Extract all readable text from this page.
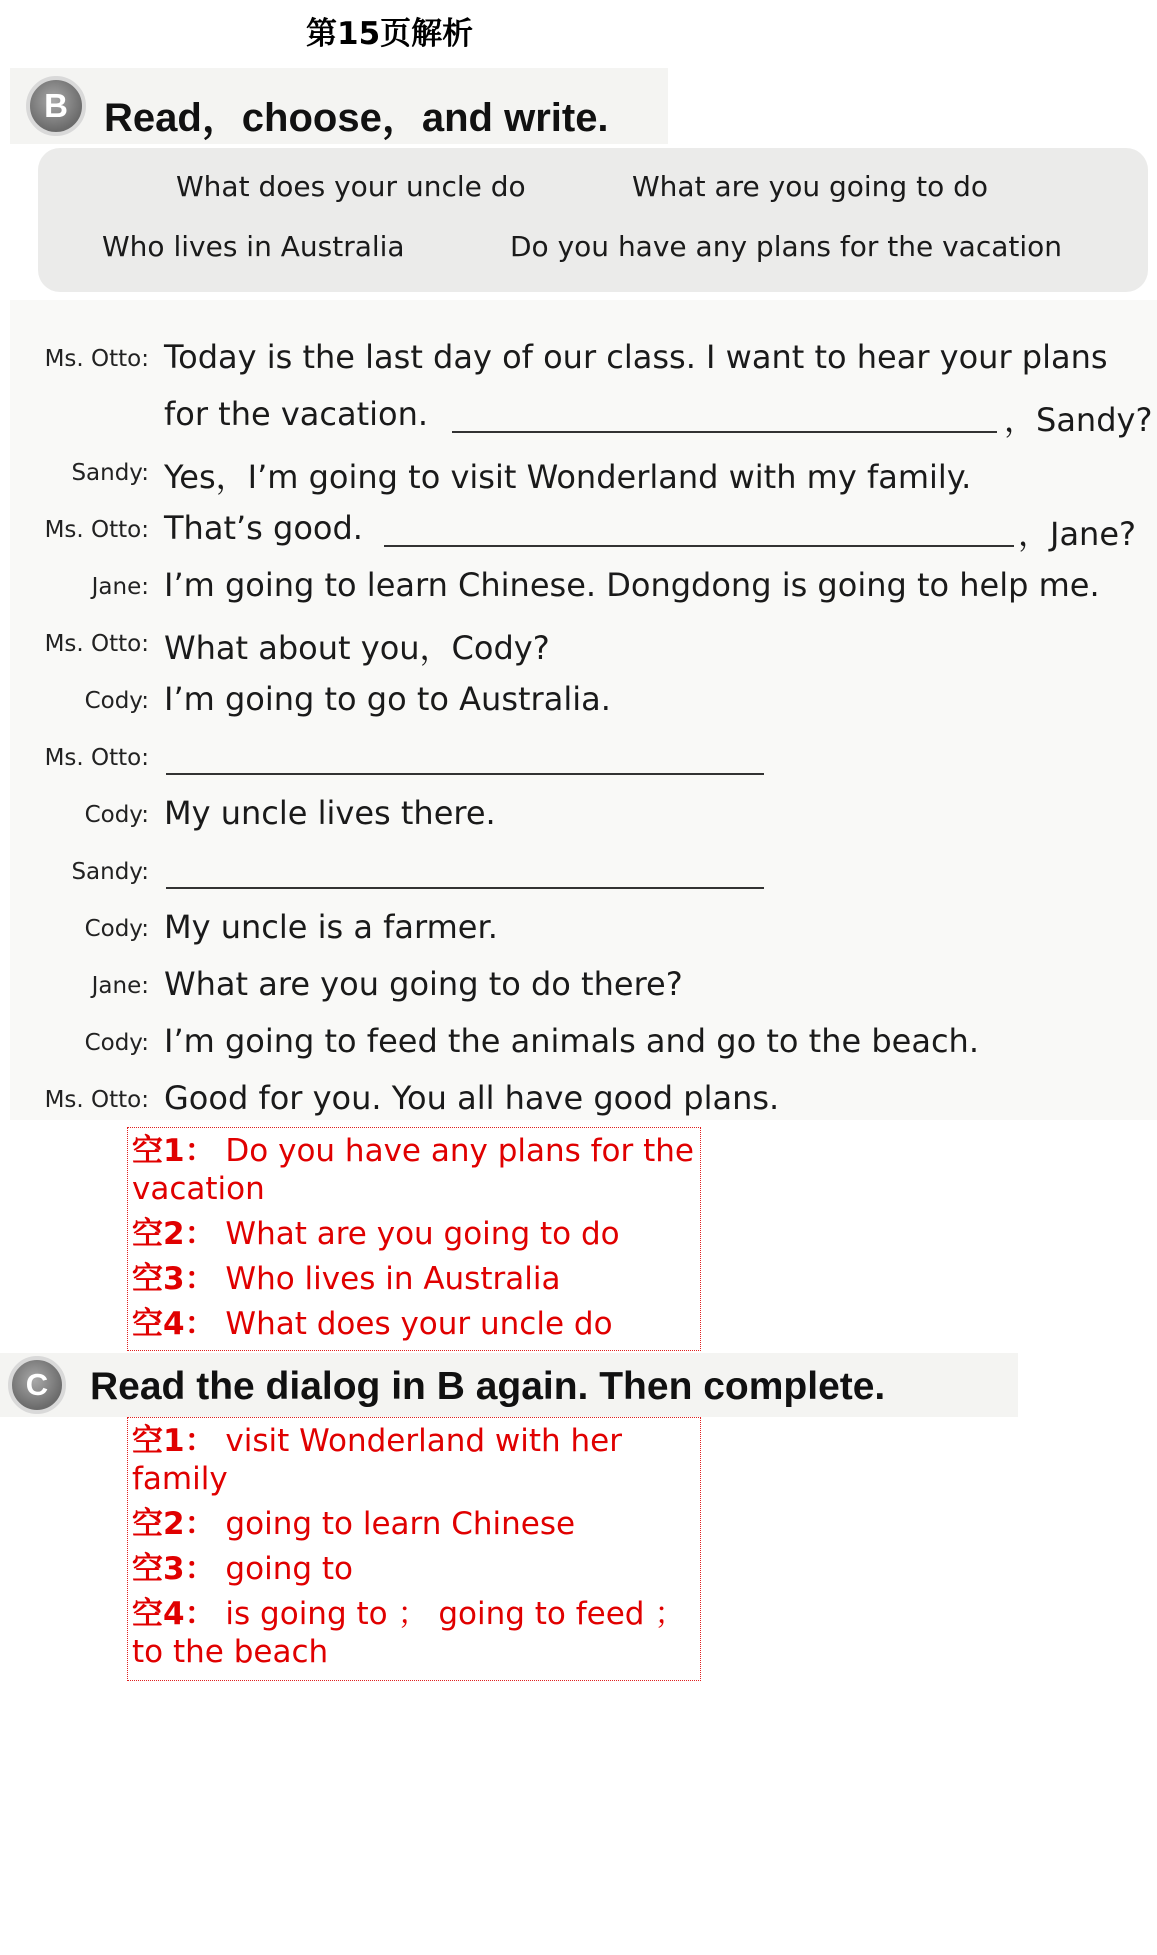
第15页解析
B Read，choose，and write.
What does your uncle do	What are you going to do
Who lives in Australia	Do you have any plans for the vacation
Ms. Otto: Today is the last day of our class. I want to hear your plans
for the vacation.	，Sandy?
Sandy: Yes，I’m going to visit Wonderland with my family.
Ms. Otto: That’s good.	，Jane?
Jane: I’m going to learn Chinese. Dongdong is going to help me.
Ms. Otto: What about you，Cody?
Cody: I’m going to go to Australia.
Ms. Otto:
Cody: My uncle lives there.
Sandy:
Cody: My uncle is a farmer.
Jane: What are you going to do there?
Cody: I’m going to feed the animals and go to the beach.
Ms. Otto: Good for you. You all have good plans.
空1： Do you have any plans for the vacation
空2： What are you going to do
空3： Who lives in Australia
空4： What does your uncle do
C	Read the dialog in B again. Then complete.
空1： visit Wonderland with her family
空2： going to learn Chinese
空3： going to
空4： is going to ； going to feed ；to the beach
